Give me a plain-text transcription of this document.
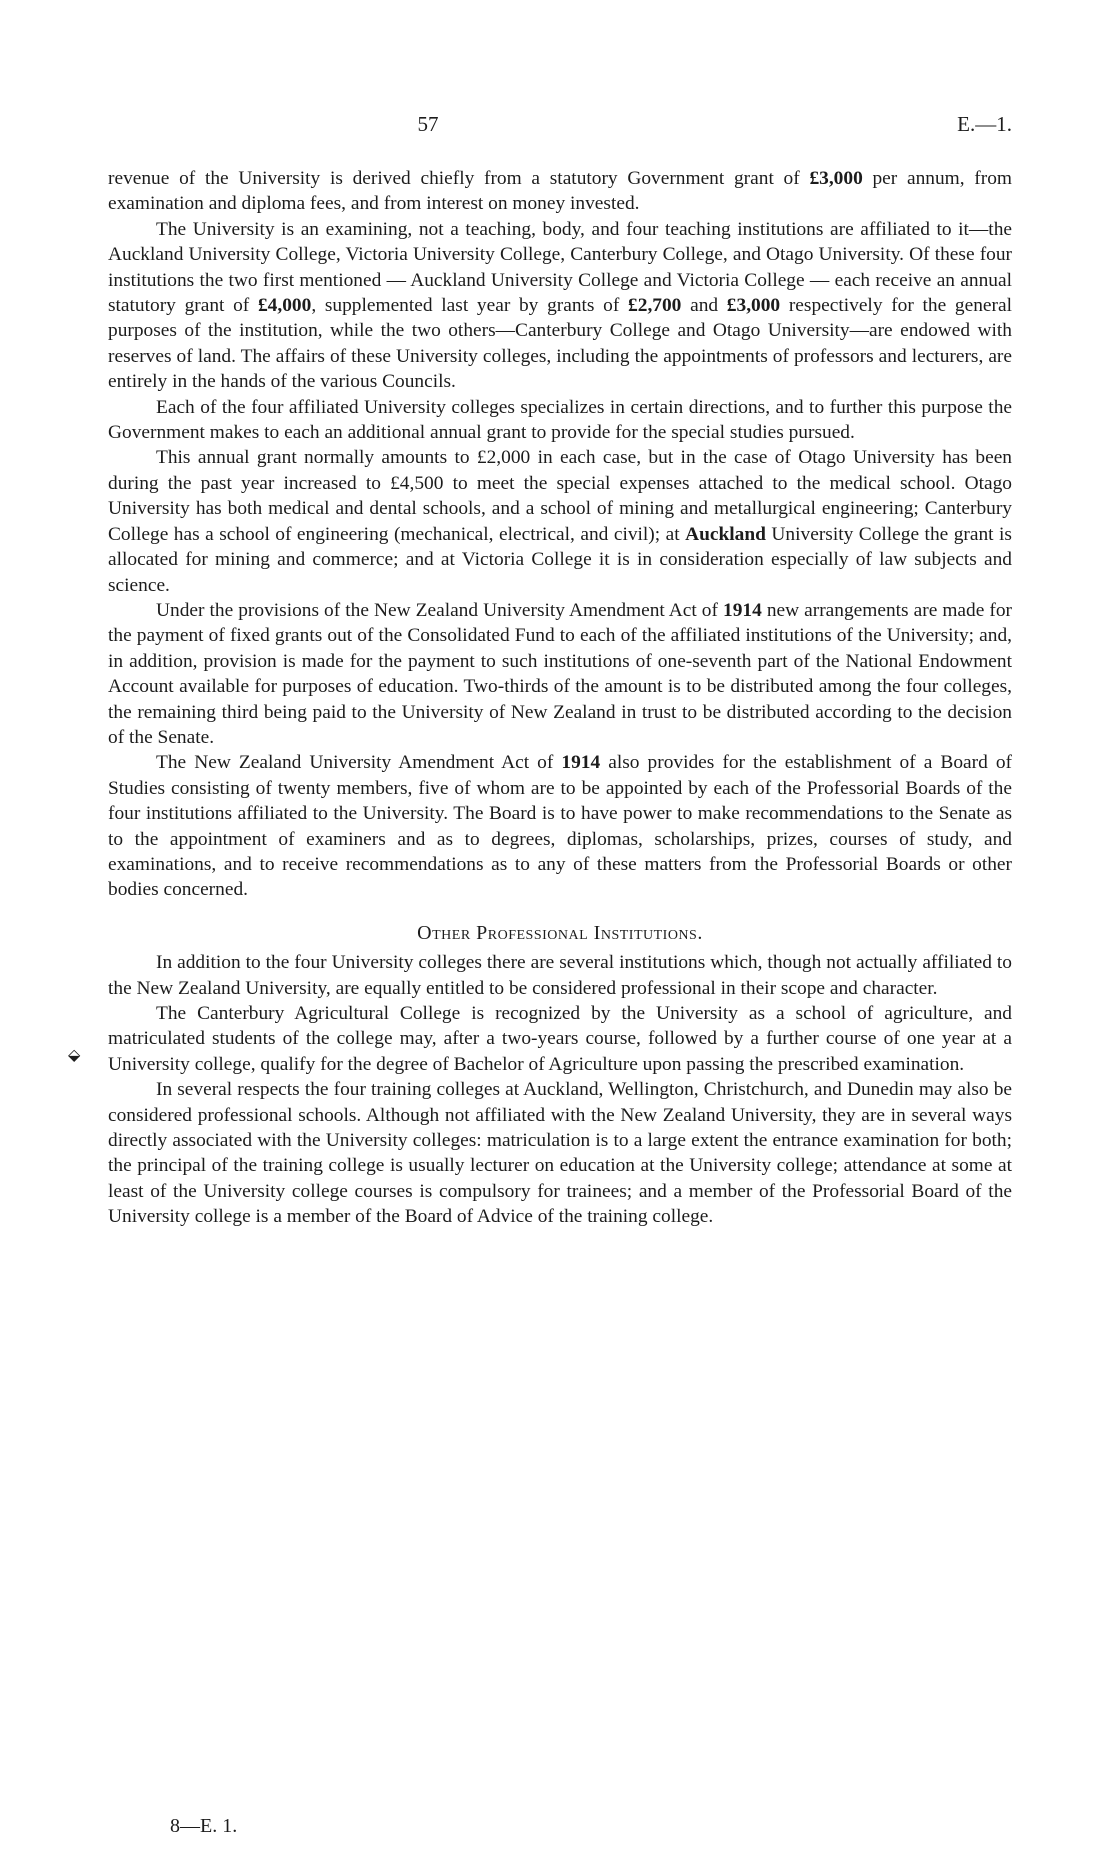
57	E.—1.

revenue of the University is derived chiefly from a statutory Government grant of £3,000 per annum, from examination and diploma fees, and from interest on money invested.

The University is an examining, not a teaching, body, and four teaching institutions are affiliated to it—the Auckland University College, Victoria University College, Canterbury College, and Otago University. Of these four institutions the two first mentioned — Auckland University College and Victoria College — each receive an annual statutory grant of £4,000, supplemented last year by grants of £2,700 and £3,000 respectively for the general purposes of the institution, while the two others—Canterbury College and Otago University—are endowed with reserves of land. The affairs of these University colleges, including the appointments of professors and lecturers, are entirely in the hands of the various Councils.

Each of the four affiliated University colleges specializes in certain directions, and to further this purpose the Government makes to each an additional annual grant to provide for the special studies pursued.

This annual grant normally amounts to £2,000 in each case, but in the case of Otago University has been during the past year increased to £4,500 to meet the special expenses attached to the medical school. Otago University has both medical and dental schools, and a school of mining and metallurgical engineering; Canterbury College has a school of engineering (mechanical, electrical, and civil); at Auckland University College the grant is allocated for mining and commerce; and at Victoria College it is in consideration especially of law subjects and science.

Under the provisions of the New Zealand University Amendment Act of 1914 new arrangements are made for the payment of fixed grants out of the Consolidated Fund to each of the affiliated institutions of the University; and, in addition, provision is made for the payment to such institutions of one-seventh part of the National Endowment Account available for purposes of education. Two-thirds of the amount is to be distributed among the four colleges, the remaining third being paid to the University of New Zealand in trust to be distributed according to the decision of the Senate.

The New Zealand University Amendment Act of 1914 also provides for the establishment of a Board of Studies consisting of twenty members, five of whom are to be appointed by each of the Professorial Boards of the four institutions affiliated to the University. The Board is to have power to make recommendations to the Senate as to the appointment of examiners and as to degrees, diplomas, scholarships, prizes, courses of study, and examinations, and to receive recommendations as to any of these matters from the Professorial Boards or other bodies concerned.

Other Professional Institutions.

In addition to the four University colleges there are several institutions which, though not actually affiliated to the New Zealand University, are equally entitled to be considered professional in their scope and character.

The Canterbury Agricultural College is recognized by the University as a school of agriculture, and matriculated students of the college may, after a two-years course, followed by a further course of one year at a University college, qualify for the degree of Bachelor of Agriculture upon passing the prescribed examination.

In several respects the four training colleges at Auckland, Wellington, Christchurch, and Dunedin may also be considered professional schools. Although not affiliated with the New Zealand University, they are in several ways directly associated with the University colleges: matriculation is to a large extent the entrance examination for both; the principal of the training college is usually lecturer on education at the University college; attendance at some at least of the University college courses is compulsory for trainees; and a member of the Professorial Board of the University college is a member of the Board of Advice of the training college.

8—E. 1.
⬙
